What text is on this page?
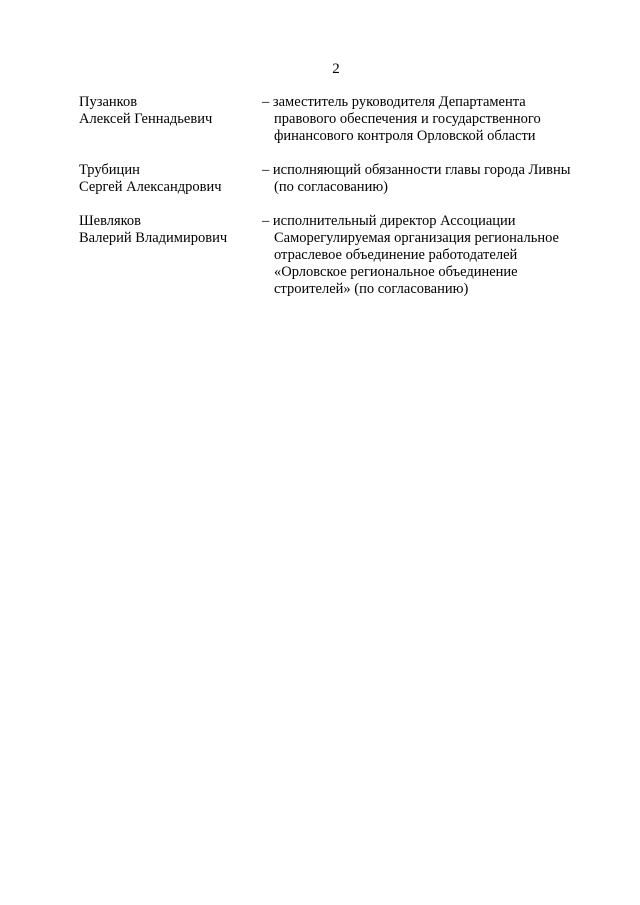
2
Пузанков
Алексей Геннадьевич
– заместитель руководителя Департамента
правового обеспечения и государственного
финансового контроля Орловской области
Трубицин
Сергей Александрович
– исполняющий обязанности главы города Ливны
(по согласованию)
Шевляков
Валерий Владимирович
– исполнительный директор Ассоциации
Саморегулируемая организация региональное
отраслевое объединение работодателей
«Орловское региональное объединение
строителей» (по согласованию)
